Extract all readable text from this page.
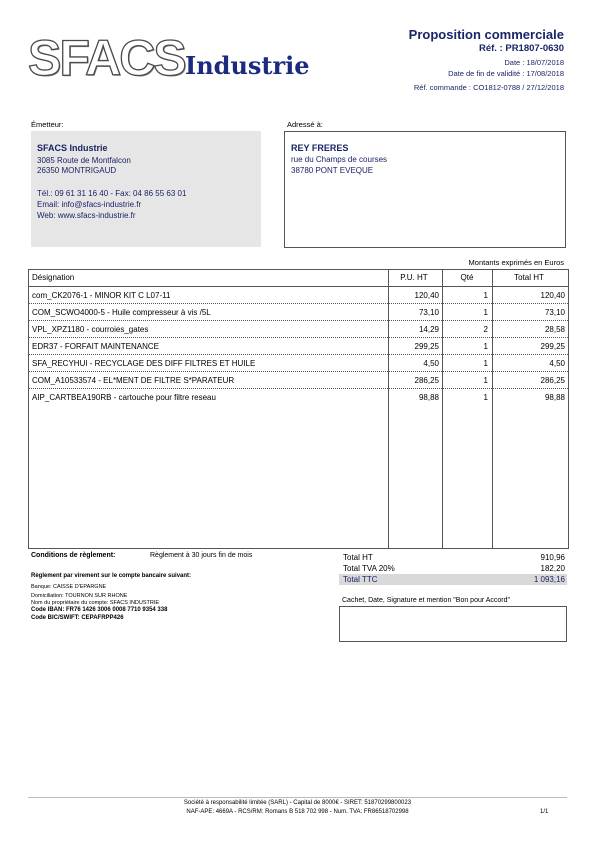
SFACS Industrie
Proposition commerciale
Réf. : PR1807-0630
Date : 18/07/2018
Date de fin de validité : 17/08/2018
Réf. commande : CO1812-0788 / 27/12/2018
Émetteur:	Adressé à:
SFACS Industrie
3085 Route de Montfalcon
26350 MONTRIGAUD
Tél.: 09 61 31 16 40 - Fax: 04 86 55 63 01
Email: info@sfacs-industrie.fr
Web: www.sfacs-industrie.fr
REY FRERES
rue du Champs de courses
38780 PONT EVEQUE
Montants exprimés en Euros
Désignation	P.U. HT	Qté	Total HT
com_CK2076-1 - MINOR KIT C L07-11	120,40	1	120,40
COM_SCWO4000-5 - Huile compresseur à vis /5L	73,10	1	73,10
VPL_XPZ1180 - courroies_gates	14,29	2	28,58
EDR37 - FORFAIT MAINTENANCE	299,25	1	299,25
SFA_RECYHUI - RECYCLAGE DES DIFF FILTRES ET HUILE	4,50	1	4,50
COM_A10533574 - EL*MENT DE FILTRE S*PARATEUR	286,25	1	286,25
AIP_CARTBEA190RB - cartouche pour filtre reseau	98,88	1	98,88
Conditions de règlement:	Règlement à 30 jours fin de mois
Règlement par virement sur le compte bancaire suivant:
Banque: CAISSE D'EPARGNE
Domiciliation: TOURNON SUR RHONE
Nom du propriétaire du compte: SFACS INDUSTRIE
Code IBAN: FR76 1426 3006 0008 7710 9354 338
Code BIC/SWIFT: CEPAFRPP426
Total HT	910,96
Total TVA 20%	182,20
Total TTC	1 093,16
Cachet, Date, Signature et mention "Bon pour Accord"
Société à responsabilité limitée (SARL) - Capital de 8000€ - SIRET: 51870299800023
NAF-APE: 4669A - RCS/RM: Romans B 518 702 998 - Num. TVA: FR86518702998	1/1
